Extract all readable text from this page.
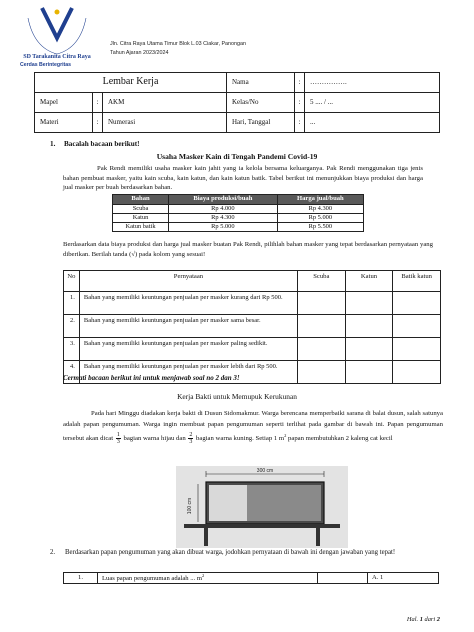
SD Tarakanita Citra Raya
Jln. Citra Raya Utama Timur Blok L.03 Ciakar, Panongan
Tahun Ajaran 2023/2024
Cerdas Berintegritas
Lembar Kerja			Nama	:	…………….
Mapel	:	AKM	Kelas/No	:	5 .... / ...
Materi	:	Numerasi	Hari, Tanggal	:	...
1. Bacalah bacaan berikut!
Usaha Masker Kain di Tengah Pandemi Covid-19
Pak Rendi memiliki usaha masker kain jahit yang ia kelola bersama keluarganya. Pak Rendi menggunakan tiga jenis bahan pembuat masker, yaitu kain scuba, kain katun, dan kain katun batik. Tabel berikut ini menunjukkan biaya produksi dan harga jual masker per buah berdasarkan bahan.
Bahan	Biaya produksi/buah	Harga jual/buah
Scuba	Rp 4.000	Rp 4.300
Katun	Rp 4.300	Rp 5.000
Katun batik	Rp 5.000	Rp 5.500
Berdasarkan data biaya produksi dan harga jual masker buatan Pak Rendi, pilihlah bahan masker yang tepat berdasarkan pernyataan yang diberikan. Berilah tanda (√) pada kolom yang sesuai!
No	Pernyataan	Scuba	Katun	Batik katun
1.	Bahan yang memiliki keuntungan penjualan per masker kurang dari Rp 500.			
2.	Bahan yang memiliki keuntungan penjualan per masker sama besar.			
3.	Bahan yang memiliki keuntungan penjualan per masker paling sedikit.			
4.	Bahan yang memiliki keuntungan penjualan per masker lebih dari Rp 500.			
Cermati bacaan berikut ini untuk menjawab soal no 2 dan 3!
Kerja Bakti untuk Memupuk Kerukunan
Pada hari Minggu diadakan kerja bakti di Dusun Sidomakmur. Warga berencana memperbaiki sarana di balai dusun, salah satunya adalah papan pengumuman. Warga ingin membuat papan pengumuman seperti terlihat pada gambar di bawah ini. Papan pengumuman tersebut akan dicat $\frac{1}{3}$ bagian warna hijau dan $\frac{2}{3}$ bagian warna kuning. Setiap 1 $m^2$ papan membutuhkan 2 kaleng cat kecil
300 cm
100 cm
2.	Berdasarkan papan pengumuman yang akan dibuat warga, jodohkan pernyataan di bawah ini dengan jawaban yang tepat!
1.	Luas papan pengumuman adalah ... $m^2$		A. 1
Hal. 1 dari 2
